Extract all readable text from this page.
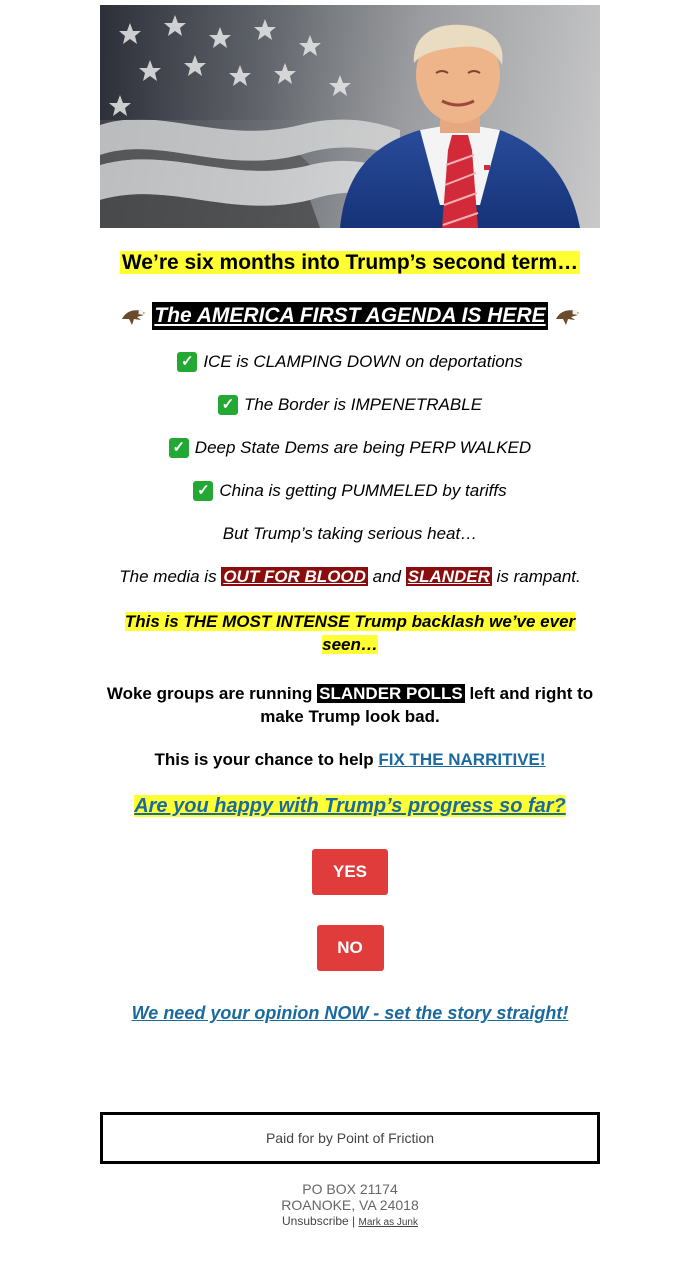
We’re six months into Trump’s second term…
The AMERICA FIRST AGENDA IS HERE
✓ ICE is CLAMPING DOWN on deportations
✓ The Border is IMPENETRABLE
✓ Deep State Dems are being PERP WALKED
✓ China is getting PUMMELED by tariffs
But Trump’s taking serious heat…
The media is OUT FOR BLOOD and SLANDER is rampant.
This is THE MOST INTENSE Trump backlash we’ve ever seen…
Woke groups are running SLANDER POLLS left and right to make Trump look bad.
This is your chance to help FIX THE NARRITIVE!
Are you happy with Trump’s progress so far?
YES
NO
We need your opinion NOW - set the story straight!
Paid for by Point of Friction
PO BOX 21174
ROANOKE, VA 24018
Unsubscribe | Mark as Junk
